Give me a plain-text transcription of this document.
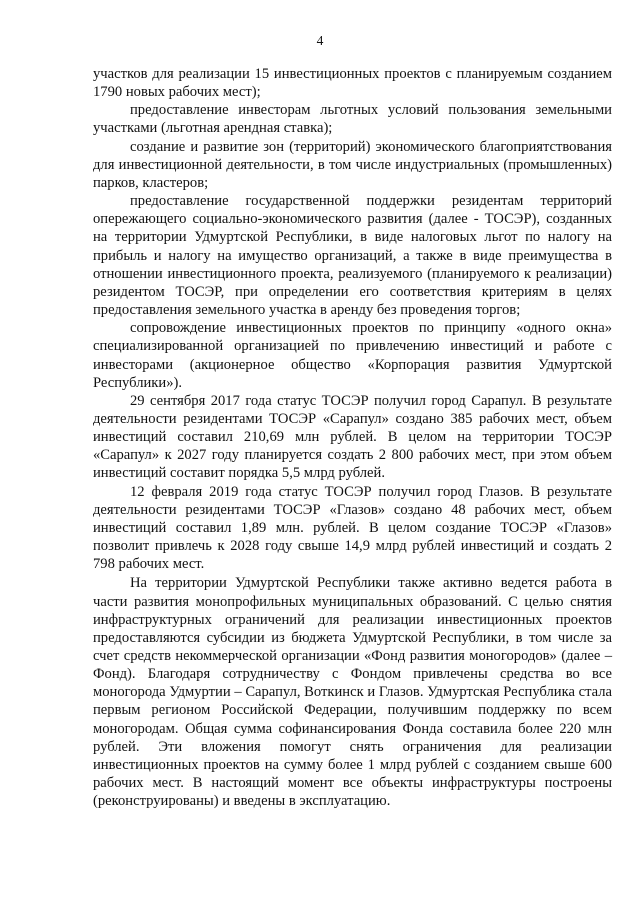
4

участков для реализации 15 инвестиционных проектов с планируемым созданием 1790 новых рабочих мест);

предоставление инвесторам льготных условий пользования земельными участками (льготная арендная ставка);

создание и развитие зон (территорий) экономического благоприятствования для инвестиционной деятельности, в том числе индустриальных (промышленных) парков, кластеров;

предоставление государственной поддержки резидентам территорий опережающего социально-экономического развития (далее - ТОСЭР), созданных на территории Удмуртской Республики, в виде налоговых льгот по налогу на прибыль и налогу на имущество организаций, а также в виде преимущества в отношении инвестиционного проекта, реализуемого (планируемого к реализации) резидентом ТОСЭР, при определении его соответствия критериям в целях предоставления земельного участка в аренду без проведения торгов;

сопровождение инвестиционных проектов по принципу «одного окна» специализированной организацией по привлечению инвестиций и работе с инвесторами (акционерное общество «Корпорация развития Удмуртской Республики»).

29 сентября 2017 года статус ТОСЭР получил город Сарапул. В результате деятельности резидентами ТОСЭР «Сарапул» создано 385 рабочих мест, объем инвестиций составил 210,69 млн рублей. В целом на территории ТОСЭР «Сарапул» к 2027 году планируется создать 2 800 рабочих мест, при этом объем инвестиций составит порядка 5,5 млрд рублей.

12 февраля 2019 года статус ТОСЭР получил город Глазов. В результате деятельности резидентами ТОСЭР «Глазов» создано 48 рабочих мест, объем инвестиций составил 1,89 млн. рублей. В целом создание ТОСЭР «Глазов» позволит привлечь к 2028 году свыше 14,9 млрд рублей инвестиций и создать 2 798 рабочих мест.

На территории Удмуртской Республики также активно ведется работа в части развития монопрофильных муниципальных образований. С целью снятия инфраструктурных ограничений для реализации инвестиционных проектов предоставляются субсидии из бюджета Удмуртской Республики, в том числе за счет средств некоммерческой организации «Фонд развития моногородов» (далее – Фонд). Благодаря сотрудничеству с Фондом привлечены средства во все моногорода Удмуртии – Сарапул, Воткинск и Глазов. Удмуртская Республика стала первым регионом Российской Федерации, получившим поддержку по всем моногородам. Общая сумма софинансирования Фонда составила более 220 млн рублей. Эти вложения помогут снять ограничения для реализации инвестиционных проектов на сумму более 1 млрд рублей с созданием свыше 600 рабочих мест. В настоящий момент все объекты инфраструктуры построены (реконструированы) и введены в эксплуатацию.
